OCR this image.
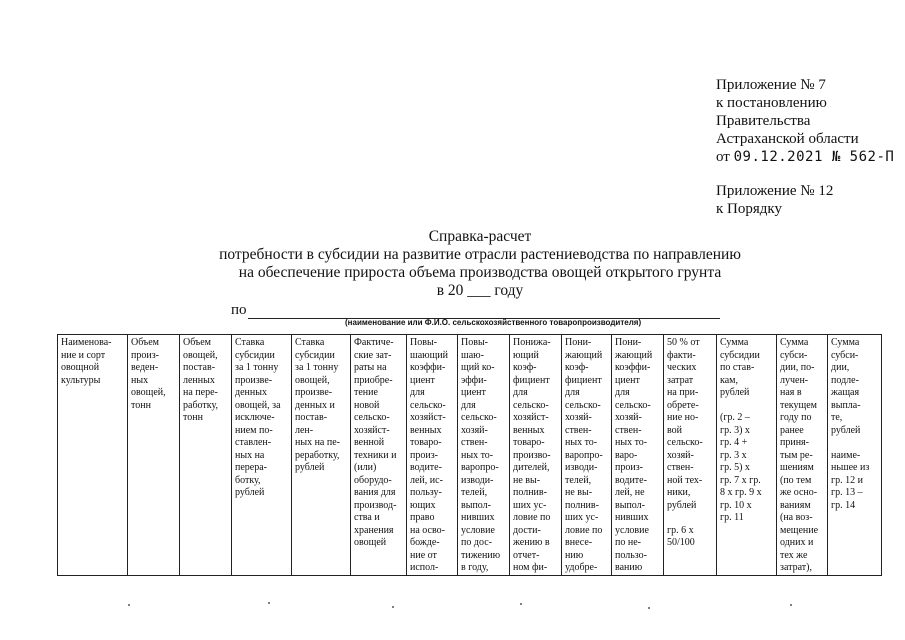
Приложение № 7
к постановлению
Правительства
Астраханской области
от 09.12.2021 № 562-П
Приложение № 12
к Порядку
Справка-расчет
потребности в субсидии на развитие отрасли растениеводства по направлению
на обеспечение прироста объема производства овощей открытого грунта
в 20 ___ году
по
(наименование или Ф.И.О. сельскохозяйственного товаропроизводителя)
Наименова-
ние и сорт
овощной
культуры

Объем
произ-
веден-
ных
овощей,
тонн

Объем
овощей,
постав-
ленных
на пере-
работку,
тонн

Ставка
субсидии
за 1 тонну
произве-
денных
овощей, за
исключе-
нием по-
ставлен-
ных на
перера-
ботку,
рублей

Ставка
субсидии
за 1 тонну
овощей,
произве-
денных и
постав-
лен-
ных на пе-
реработку,
рублей

Фактиче-
ские зат-
раты на
приобре-
тение
новой
сельско-
хозяйст-
венной
техники и
(или)
оборудо-
вания для
производ-
ства и
хранения
овощей

Повы-
шающий
коэффи-
циент
для
сельско-
хозяйст-
венных
товаро-
произ-
водите-
лей, ис-
пользу-
ющих
право
на осво-
божде-
ние от
испол-

Повы-
шаю-
щий ко-
эффи-
циент
для
сельско-
хозяй-
ствен-
ных то-
варопро-
изводи-
телей,
выпол-
нивших
условие
по дос-
тижению
в году,

Понижа-
ющий
коэф-
фициент
для
сельско-
хозяйст-
венных
товаро-
произво-
дителей,
не вы-
полнив-
ших ус-
ловие по
дости-
жению в
отчет-
ном фи-

Пони-
жающий
коэф-
фициент
для
сельско-
хозяй-
ствен-
ных то-
варопро-
изводи-
телей,
не вы-
полнив-
ших ус-
ловие по
внесе-
нию
удобре-

Пони-
жающий
коэффи-
циент
для
сельско-
хозяй-
ствен-
ных то-
варо-
произ-
водите-
лей, не
выпол-
нивших
условие
по не-
пользо-
ванию

50 % от
факти-
ческих
затрат
на при-
обрете-
ние но-
вой
сельско-
хозяй-
ствен-
ной тех-
ники,
рублей

гр. 6 х
50/100

Сумма
субсидии
по став-
кам,
рублей

(гр. 2 –
гр. 3) х
гр. 4 +
гр. 3 х
гр. 5) х
гр. 7 х гр.
8 х гр. 9 х
гр. 10 х
гр. 11

Сумма
субси-
дии, по-
лучен-
ная в
текущем
году по
ранее
приня-
тым ре-
шениям
(по тем
же осно-
ваниям
(на воз-
мещение
одних и
тех же
затрат),

Сумма
субси-
дии,
подле-
жащая
выпла-
те,
рублей

наиме-
ньшее из
гр. 12 и
гр. 13 –
гр. 14
